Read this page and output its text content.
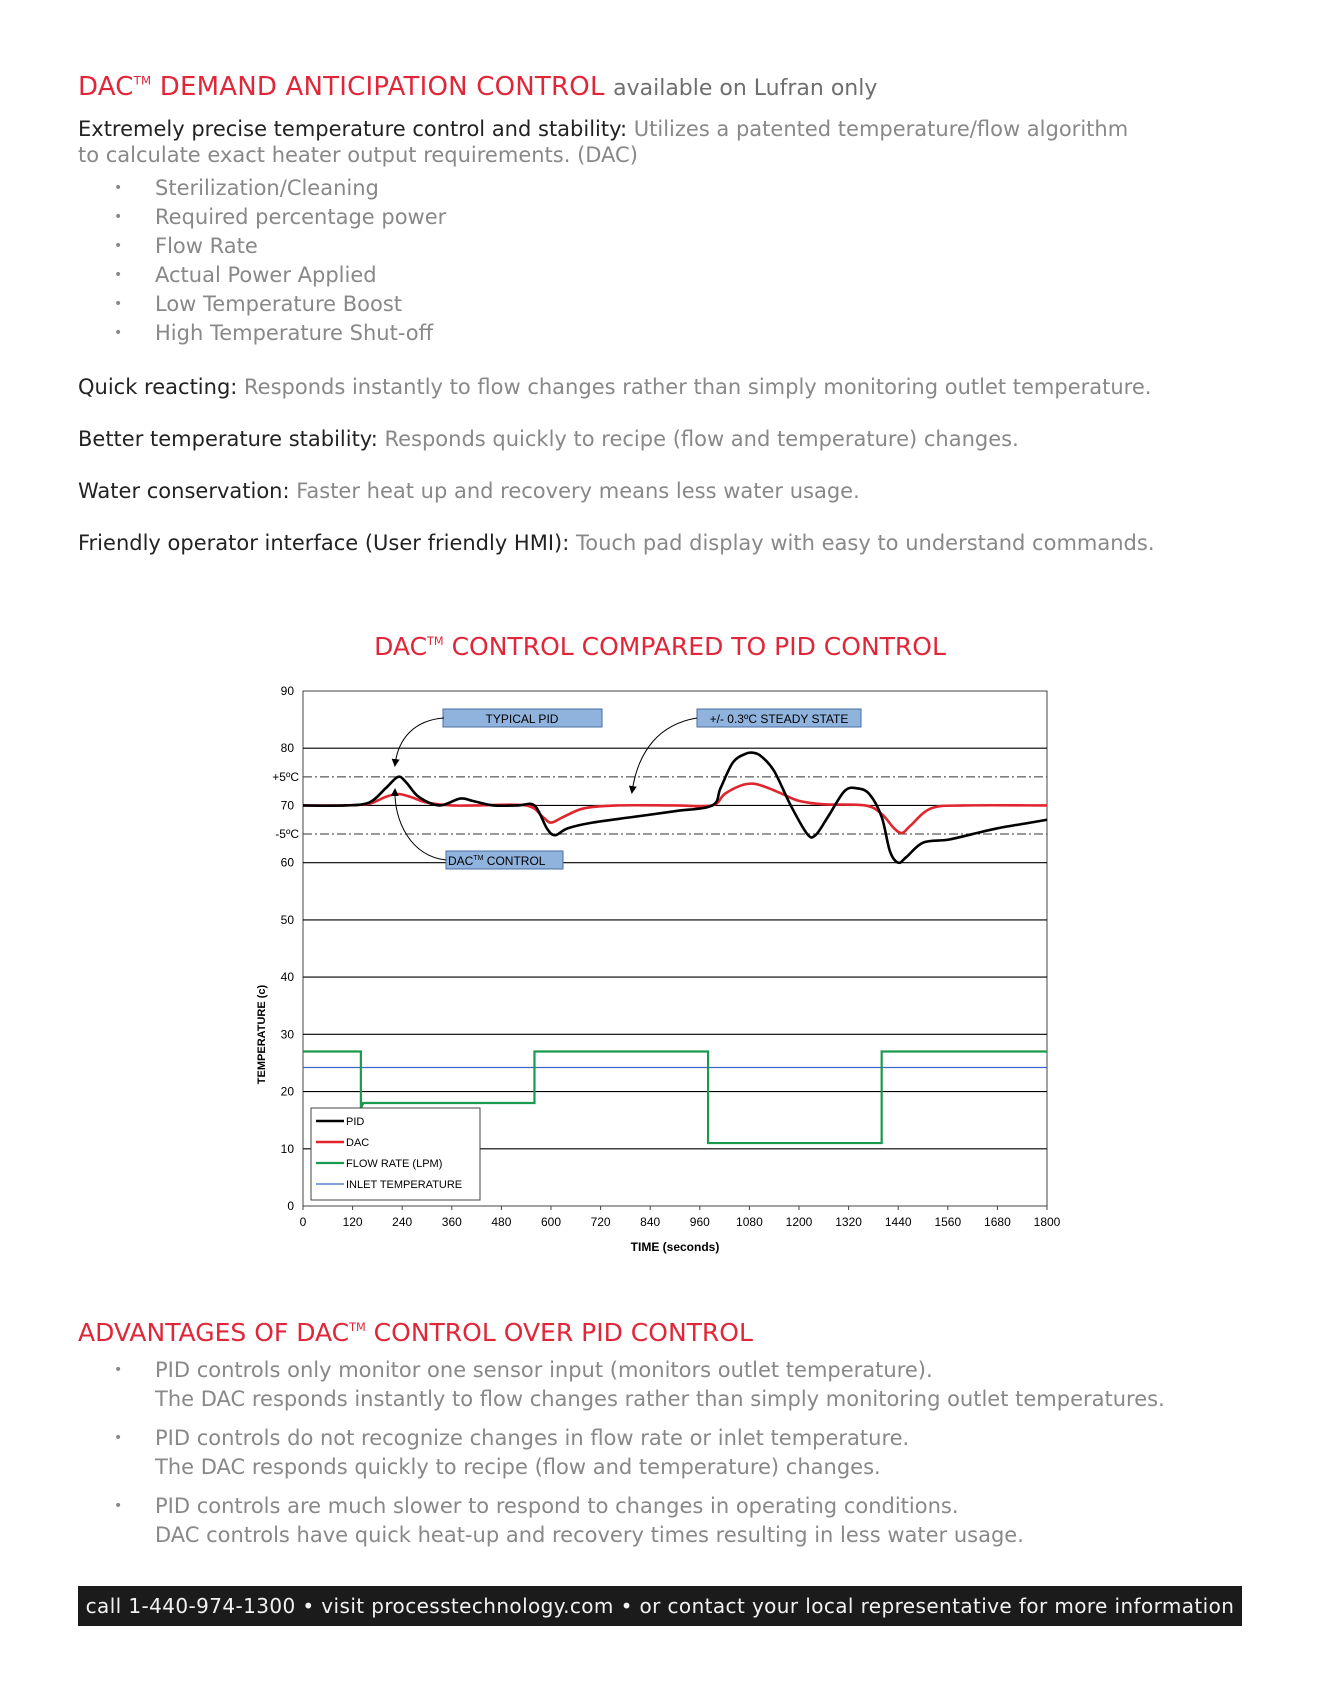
DAC™ DEMAND ANTICIPATION CONTROL available on Lufran only
Extremely precise temperature control and stability: Utilizes a patented temperature/flow algorithm
to calculate exact heater output requirements. (DAC)
• Sterilization/Cleaning
• Required percentage power
• Flow Rate
• Actual Power Applied
• Low Temperature Boost
• High Temperature Shut-off
Quick reacting: Responds instantly to flow changes rather than simply monitoring outlet temperature.
Better temperature stability: Responds quickly to recipe (flow and temperature) changes.
Water conservation: Faster heat up and recovery means less water usage.
Friendly operator interface (User friendly HMI): Touch pad display with easy to understand commands.
DAC™ CONTROL COMPARED TO PID CONTROL
0
10
20
30
40
50
60
70
80
90
+5ºC
-5ºC
0	120 240 360 480 600 720 840 960 1080 1200 1320 1440 1560 1680 1800
TIME (seconds)
TEMPERATURE (c)
TYPICAL PID	+/- 0.3ºC STEADY STATE
DAC™ CONTROL
PID
DAC
FLOW RATE (LPM)
INLET TEMPERATURE
ADVANTAGES OF DAC™ CONTROL OVER PID CONTROL
• PID controls only monitor one sensor input (monitors outlet temperature).
The DAC responds instantly to flow changes rather than simply monitoring outlet temperatures.
• PID controls do not recognize changes in flow rate or inlet temperature.
The DAC responds quickly to recipe (flow and temperature) changes.
• PID controls are much slower to respond to changes in operating conditions.
DAC controls have quick heat-up and recovery times resulting in less water usage.
call 1-440-974-1300 • visit processtechnology.com • or contact your local representative for more information
